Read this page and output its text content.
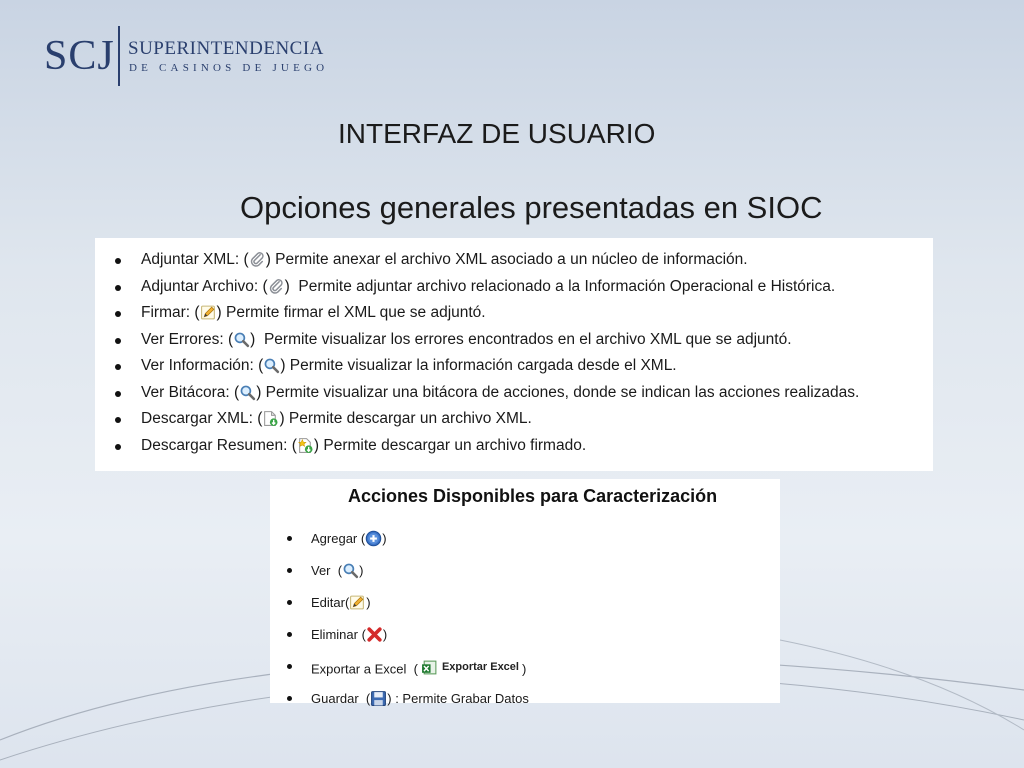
SCJ SUPERINTENDENCIA
DE CASINOS DE JUEGO
INTERFAZ DE USUARIO
Opciones generales presentadas en SIOC
Adjuntar XML: ( ) Permite anexar el archivo XML asociado a un núcleo de información.
Adjuntar Archivo: ( )  Permite adjuntar archivo relacionado a la Información Operacional e Histórica.
Firmar: ( ) Permite firmar el XML que se adjuntó.
Ver Errores: ( )  Permite visualizar los errores encontrados en el archivo XML que se adjuntó.
Ver Información: ( ) Permite visualizar la información cargada desde el XML.
Ver Bitácora: ( ) Permite visualizar una bitácora de acciones, donde se indican las acciones realizadas.
Descargar XML: ( ) Permite descargar un archivo XML.
Descargar Resumen: ( ) Permite descargar un archivo firmado.
Acciones Disponibles para Caracterización
Agregar ( )
Ver  ( )
Editar( )
Eliminar ( )
Exportar a Excel  ( Exportar Excel )
Guardar  ( ) : Permite Grabar Datos
